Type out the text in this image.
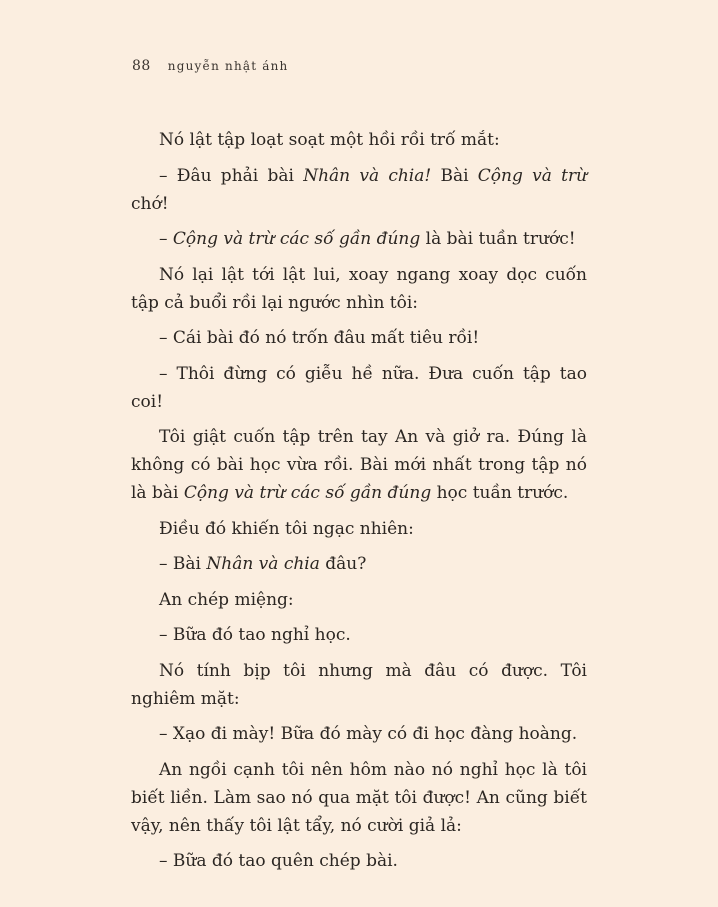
88 nguyễn nhật ánh

Nó lật tập loạt soạt một hồi rồi trố mắt:

– Đâu phải bài Nhân và chia! Bài Cộng và trừ chớ!

– Cộng và trừ các số gần đúng là bài tuần trước!

Nó lại lật tới lật lui, xoay ngang xoay dọc cuốn tập cả buổi rồi lại ngước nhìn tôi:

– Cái bài đó nó trốn đâu mất tiêu rồi!

– Thôi đừng có giễu hề nữa. Đưa cuốn tập tao coi!

Tôi giật cuốn tập trên tay An và giở ra. Đúng là không có bài học vừa rồi. Bài mới nhất trong tập nó là bài Cộng và trừ các số gần đúng học tuần trước.

Điều đó khiến tôi ngạc nhiên:

– Bài Nhân và chia đâu?

An chép miệng:

– Bữa đó tao nghỉ học.

Nó tính bịp tôi nhưng mà đâu có được. Tôi nghiêm mặt:

– Xạo đi mày! Bữa đó mày có đi học đàng hoàng.

An ngồi cạnh tôi nên hôm nào nó nghỉ học là tôi biết liền. Làm sao nó qua mặt tôi được! An cũng biết vậy, nên thấy tôi lật tẩy, nó cười giả lả:

– Bữa đó tao quên chép bài.
